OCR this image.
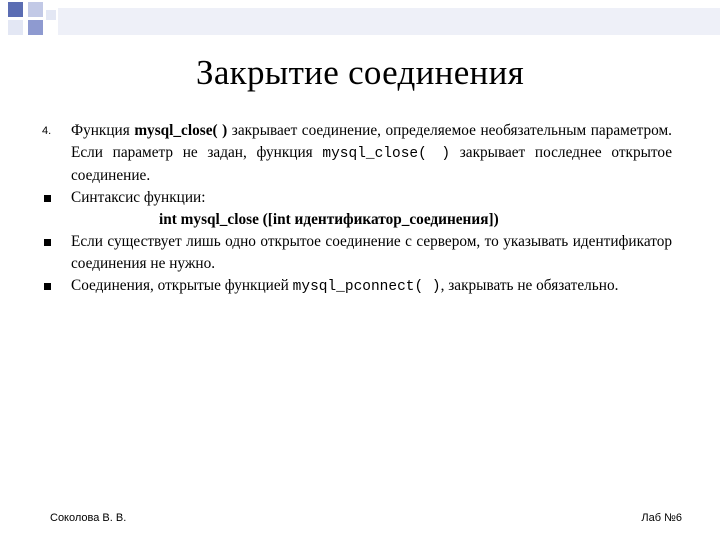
Закрытие соединения
4. Функция mysql_close( ) закрывает соединение, определяемое необязательным параметром. Если параметр не задан, функция mysql_close( ) закрывает последнее открытое соединение.
Синтаксис функции:
int mysql_close ([int идентификатор_соединения])
Если существует лишь одно открытое соединение с сервером, то указывать идентификатор соединения не нужно.
Соединения, открытые функцией mysql_pconnect( ), закрывать не обязательно.
Соколова В. В.	Лаб №6
